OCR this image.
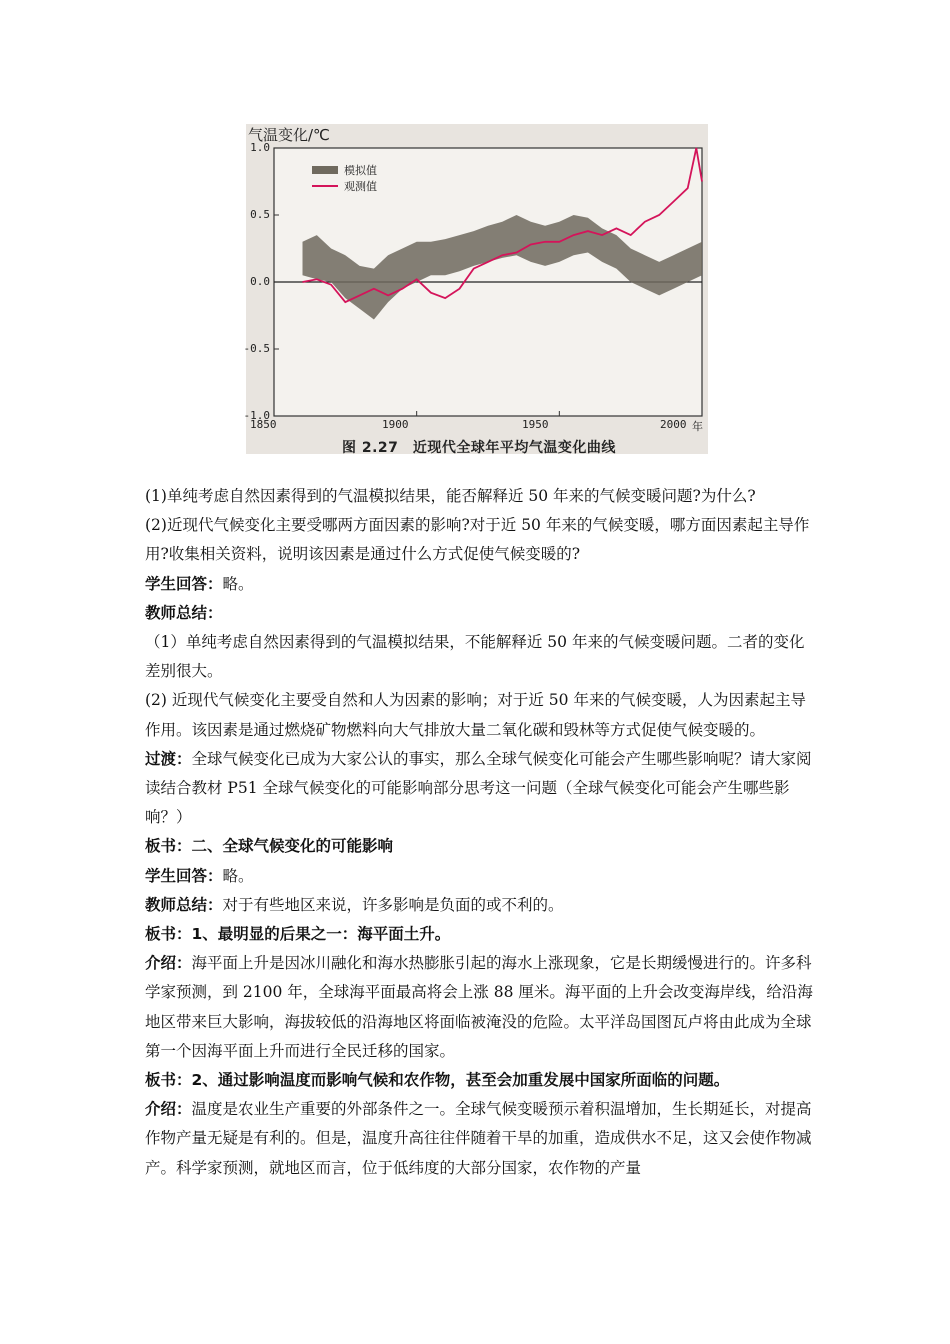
气温变化/℃
1.0
0.5
0.0
-0.5
-1.0
1850	1900	1950	2000 年
模拟值
观测值
图 2.27　近现代全球年平均气温变化曲线

(1)单纯考虑自然因素得到的气温模拟结果，能否解释近 50 年来的气候变暖问题?为什么?

(2)近现代气候变化主要受哪两方面因素的影响?对于近 50 年来的气候变暖，哪方面因素起主导作用?收集相关资料，说明该因素是通过什么方式促使气候变暖的?

学生回答：略。

教师总结：

（1）单纯考虑自然因素得到的气温模拟结果，不能解释近 50 年来的气候变暖问题。二者的变化差别很大。

(2) 近现代气候变化主要受自然和人为因素的影响；对于近 50 年来的气候变暖，人为因素起主导作用。该因素是通过燃烧矿物燃料向大气排放大量二氧化碳和毁林等方式促使气候变暖的。

过渡：全球气候变化已成为大家公认的事实，那么全球气候变化可能会产生哪些影响呢？请大家阅读结合教材 P51 全球气候变化的可能影响部分思考这一问题（全球气候变化可能会产生哪些影响？）

板书：二、全球气候变化的可能影响

学生回答：略。

教师总结：对于有些地区来说，许多影响是负面的或不利的。

板书：1、最明显的后果之一：海平面土升。

介绍：海平面上升是因冰川融化和海水热膨胀引起的海水上涨现象，它是长期缓慢进行的。许多科学家预测，到 2100 年，全球海平面最高将会上涨 88 厘米。海平面的上升会改变海岸线，给沿海地区带来巨大影响，海拔较低的沿海地区将面临被淹没的危险。太平洋岛国图瓦卢将由此成为全球第一个因海平面上升而进行全民迁移的国家。

板书：2、通过影响温度而影响气候和农作物，甚至会加重发展中国家所面临的问题。

介绍：温度是农业生产重要的外部条件之一。全球气候变暖预示着积温增加，生长期延长，对提高作物产量无疑是有利的。但是，温度升高往往伴随着干旱的加重，造成供水不足，这又会使作物减产。科学家预测，就地区而言，位于低纬度的大部分国家，农作物的产量
